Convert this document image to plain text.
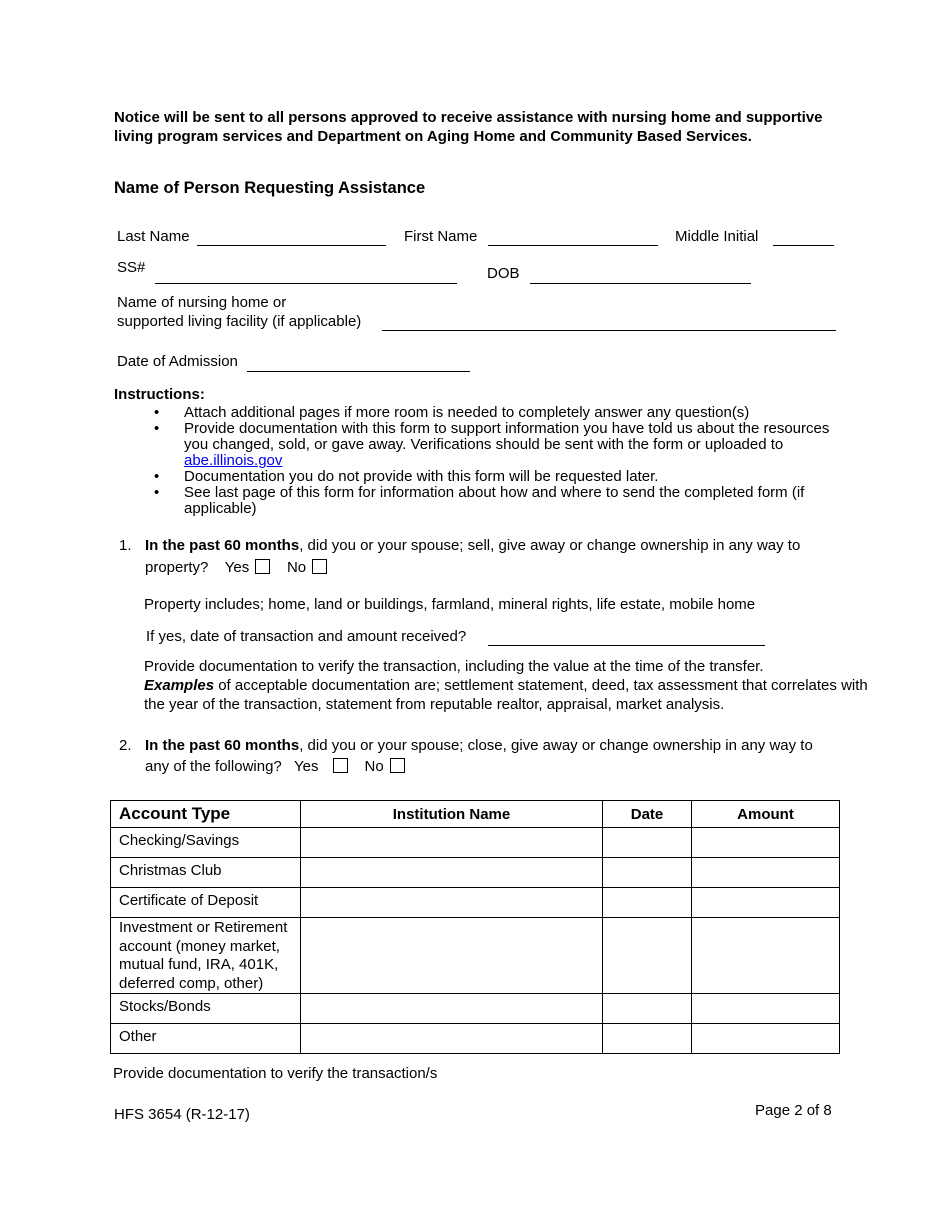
Notice will be sent to all persons approved to receive assistance with nursing home and supportive living program services and Department on Aging Home and Community Based Services.
Name of Person Requesting Assistance
Last Name	First Name	Middle Initial
SS#	DOB
Name of nursing home or
supported living facility (if applicable)
Date of Admission
Instructions:
• Attach additional pages if more room is needed to completely answer any question(s)
• Provide documentation with this form to support information you have told us about the resources you changed, sold, or gave away. Verifications should be sent with the form or uploaded to abe.illinois.gov
• Documentation you do not provide with this form will be requested later.
• See last page of this form for information about how and where to send the completed form (if applicable)
1. In the past 60 months, did you or your spouse; sell, give away or change ownership in any way to
property? Yes	No
Property includes; home, land or buildings, farmland, mineral rights, life estate, mobile home
If yes, date of transaction and amount received?
Provide documentation to verify the transaction, including the value at the time of the transfer.
Examples of acceptable documentation are; settlement statement, deed, tax assessment that correlates with the year of the transaction, statement from reputable realtor, appraisal, market analysis.
2. In the past 60 months, did you or your spouse; close, give away or change ownership in any way to
any of the following? Yes	No
Account Type	Institution Name	Date	Amount
Checking/Savings			
Christmas Club			
Certificate of Deposit			
Investment or Retirement account (money market, mutual fund, IRA, 401K, deferred comp, other)			
Stocks/Bonds			
Other			
Provide documentation to verify the transaction/s
HFS 3654 (R-12-17)	Page 2 of 8
